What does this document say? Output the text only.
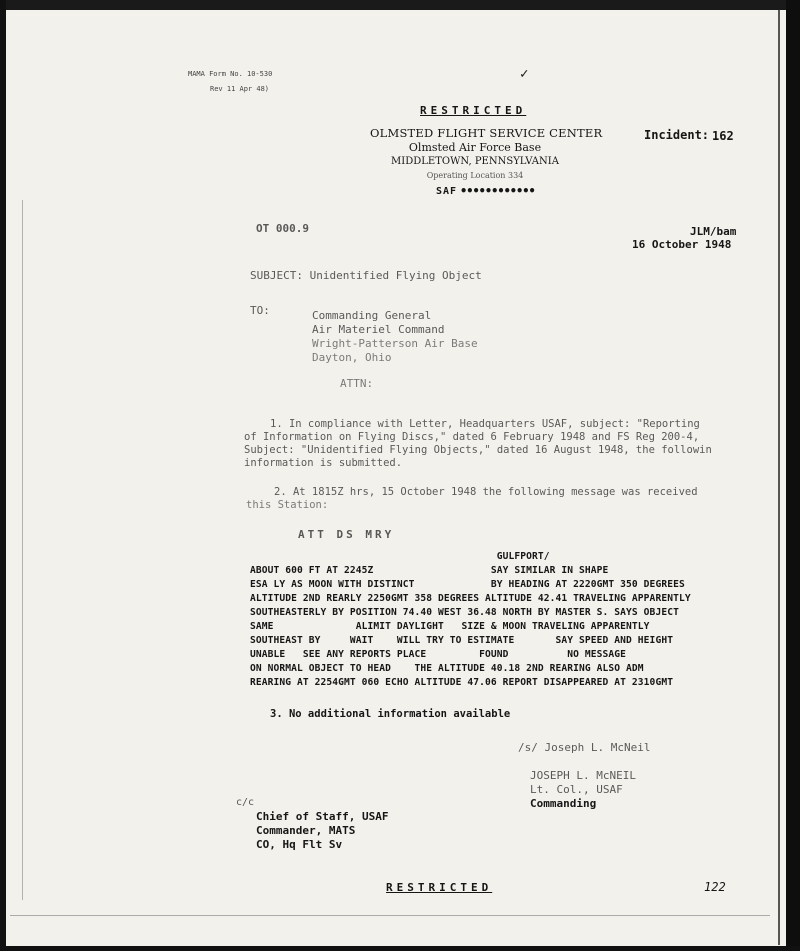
MAMA Form No. 10-530
Rev 11 Apr 48)
✓
RESTRICTED
OLMSTED FLIGHT SERVICE CENTER
Olmsted Air Force Base
MIDDLETOWN, PENNSYLVANIA
Operating Location 334
SAF ••••••••••••
Incident: 162
OT 000.9	JLM/bam
16 October 1948
SUBJECT: Unidentified Flying Object
TO:	Commanding General
Air Materiel Command
Wright-Patterson Air Base
Dayton, Ohio
ATTN:
1. In compliance with Letter, Headquarters USAF, subject: "Reporting
of Information on Flying Discs," dated 6 February 1948 and FS Reg 200-4,
Subject: "Unidentified Flying Objects," dated 16 August 1948, the followin
information is submitted.
2. At 1815Z hrs, 15 October 1948 the following message was received
this Station:
ATT DS MRY
GULFPORT/
ABOUT 600 FT AT 2245Z                    SAY SIMILAR IN SHAPE
ESA LY AS MOON WITH DISTINCT             BY HEADING AT 2220GMT 350 DEGREES
ALTITUDE 2ND REARLY 2250GMT 358 DEGREES ALTITUDE 42.41 TRAVELING APPARENTLY
SOUTHEASTERLY BY POSITION 74.40 WEST 36.48 NORTH BY MASTER S. SAYS OBJECT
SAME              ALIMIT DAYLIGHT   SIZE & MOON TRAVELING APPARENTLY
SOUTHEAST BY     WAIT    WILL TRY TO ESTIMATE       SAY SPEED AND HEIGHT
UNABLE   SEE ANY REPORTS PLACE         FOUND          NO MESSAGE
ON NORMAL OBJECT TO HEAD    THE ALTITUDE 40.18 2ND REARING ALSO ADM
REARING AT 2254GMT 060 ECHO ALTITUDE 47.06 REPORT DISAPPEARED AT 2310GMT
3. No additional information available
/s/ Joseph L. McNeil
JOSEPH L. McNEIL
Lt. Col., USAF
Commanding
c/c
Chief of Staff, USAF
Commander, MATS
CO, Hq Flt Sv
RESTRICTED	122
